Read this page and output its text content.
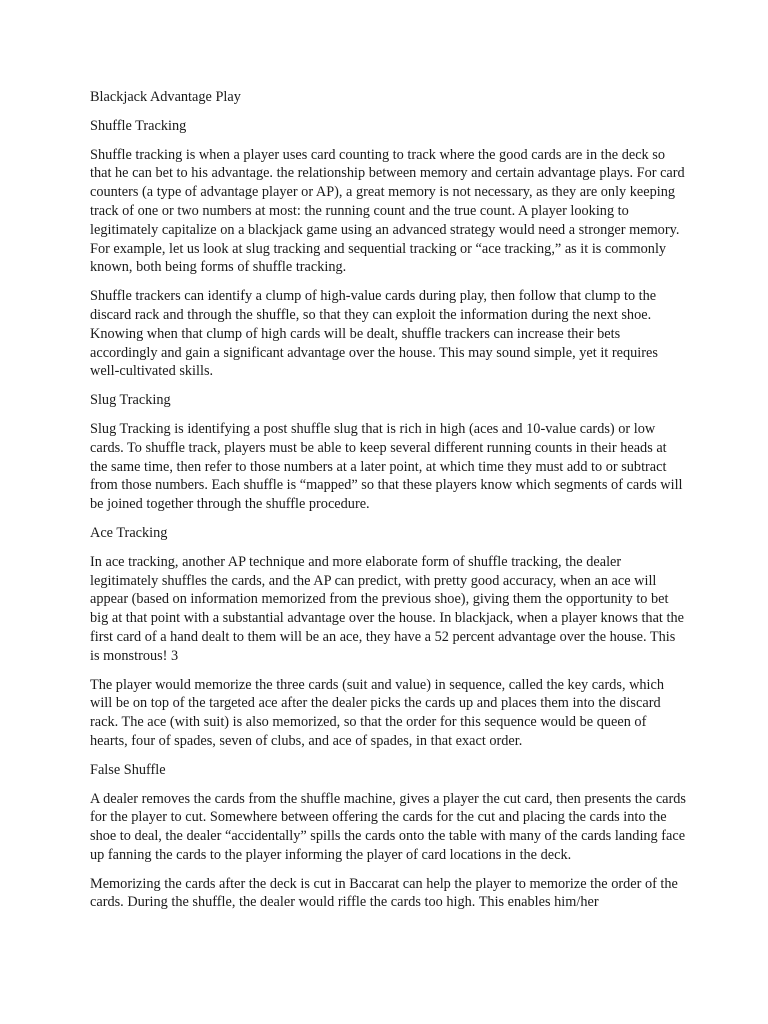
Blackjack Advantage Play

Shuffle Tracking

Shuffle tracking is when a player uses card counting to track where the good cards are in the deck so that he can bet to his advantage. the relationship between memory and certain advantage plays. For card counters (a type of advantage player or AP), a great memory is not necessary, as they are only keeping track of one or two numbers at most: the running count and the true count. A player looking to legitimately capitalize on a blackjack game using an advanced strategy would need a stronger memory. For example, let us look at slug tracking and sequential tracking or “ace tracking,” as it is commonly known, both being forms of shuffle tracking.

Shuffle trackers can identify a clump of high-value cards during play, then follow that clump to the discard rack and through the shuffle, so that they can exploit the information during the next shoe. Knowing when that clump of high cards will be dealt, shuffle trackers can increase their bets accordingly and gain a significant advantage over the house. This may sound simple, yet it requires well-cultivated skills.

Slug Tracking

Slug Tracking is identifying a post shuffle slug that is rich in high (aces and 10-value cards) or low cards. To shuffle track, players must be able to keep several different running counts in their heads at the same time, then refer to those numbers at a later point, at which time they must add to or subtract from those numbers. Each shuffle is “mapped” so that these players know which segments of cards will be joined together through the shuffle procedure.

Ace Tracking

In ace tracking, another AP technique and more elaborate form of shuffle tracking, the dealer legitimately shuffles the cards, and the AP can predict, with pretty good accuracy, when an ace will appear (based on information memorized from the previous shoe), giving them the opportunity to bet big at that point with a substantial advantage over the house. In blackjack, when a player knows that the first card of a hand dealt to them will be an ace, they have a 52 percent advantage over the house. This is monstrous! 3

The player would memorize the three cards (suit and value) in sequence, called the key cards, which will be on top of the targeted ace after the dealer picks the cards up and places them into the discard rack. The ace (with suit) is also memorized, so that the order for this sequence would be queen of hearts, four of spades, seven of clubs, and ace of spades, in that exact order.

False Shuffle

A dealer removes the cards from the shuffle machine, gives a player the cut card, then presents the cards for the player to cut. Somewhere between offering the cards for the cut and placing the cards into the shoe to deal, the dealer “accidentally” spills the cards onto the table with many of the cards landing face up fanning the cards to the player informing the player of card locations in the deck.

Memorizing the cards after the deck is cut in Baccarat can help the player to memorize the order of the cards. During the shuffle, the dealer would riffle the cards too high. This enables him/her
